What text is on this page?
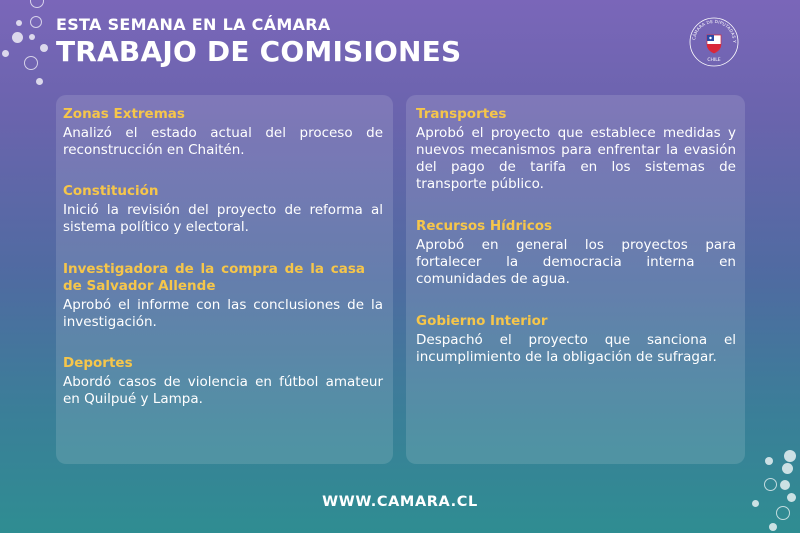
ESTA SEMANA EN LA CÁMARA
TRABAJO DE COMISIONES	CÁMARA DE DIPUTADAS Y
CHILE
Zonas Extremas
Analizó el estado actual del proceso de reconstrucción en Chaitén.
Constitución
Inició la revisión del proyecto de reforma al sistema político y electoral.
Investigadora de la compra de la casa de Salvador Allende
Aprobó el informe con las conclusiones de la investigación.
Deportes
Abordó casos de violencia en fútbol amateur en Quilpué y Lampa.
Transportes
Aprobó el proyecto que establece medidas y nuevos mecanismos para enfrentar la evasión del pago de tarifa en los sistemas de transporte público.
Recursos Hídricos
Aprobó en general los proyectos para fortalecer la democracia interna en comunidades de agua.
Gobierno Interior
Despachó el proyecto que sanciona el incumplimiento de la obligación de sufragar.
WWW.CAMARA.CL
